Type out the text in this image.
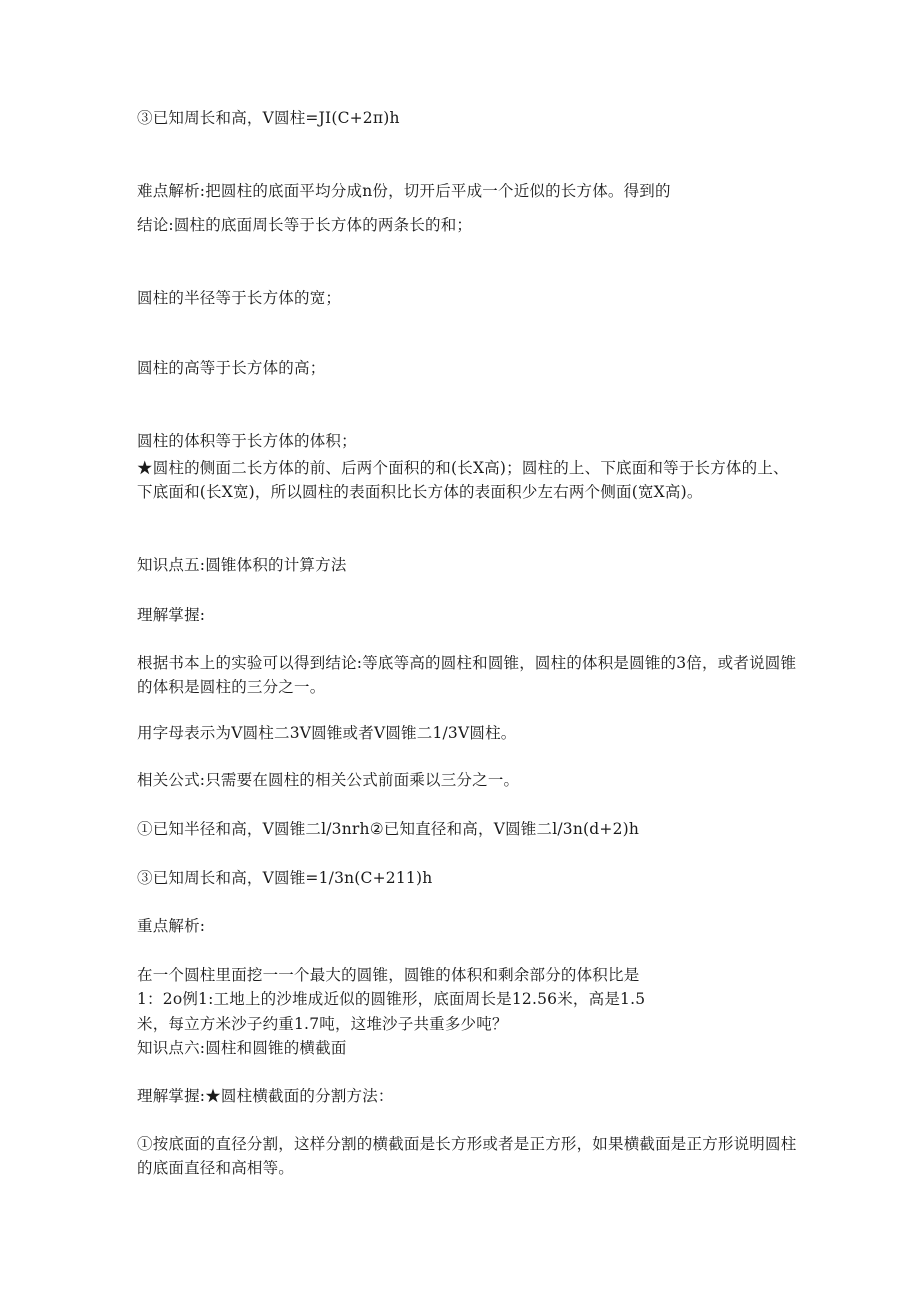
③已知周长和高，V圆柱=JI(C+2π)h
难点解析:把圆柱的底面平均分成n份，切开后平成一个近似的长方体。得到的
结论:圆柱的底面周长等于长方体的两条长的和；
圆柱的半径等于长方体的宽；
圆柱的高等于长方体的高；
圆柱的体积等于长方体的体积；
★圆柱的侧面二长方体的前、后两个面积的和(长X高)；圆柱的上、下底面和等于长方体的上、下底面和(长X宽)，所以圆柱的表面积比长方体的表面积少左右两个侧面(宽X高)。
知识点五:圆锥体积的计算方法
理解掌握:
根据书本上的实验可以得到结论:等底等高的圆柱和圆锥，圆柱的体积是圆锥的3倍，或者说圆锥的体积是圆柱的三分之一。
用字母表示为V圆柱二3V圆锥或者V圆锥二1/3V圆柱。
相关公式:只需要在圆柱的相关公式前面乘以三分之一。
①已知半径和高，V圆锥二l/3nrh②已知直径和高，V圆锥二l/3n(d+2)h
③已知周长和高，V圆锥=1/3n(C+211)h
重点解析:
在一个圆柱里面挖一一个最大的圆锥，圆锥的体积和剩余部分的体积比是
1：2o例1:工地上的沙堆成近似的圆锥形，底面周长是12.56米，高是1.5
米，每立方米沙子约重1.7吨，这堆沙子共重多少吨？
知识点六:圆柱和圆锥的横截面
理解掌握:★圆柱横截面的分割方法：
①按底面的直径分割，这样分割的横截面是长方形或者是正方形，如果横截面是正方形说明圆柱的底面直径和高相等。
